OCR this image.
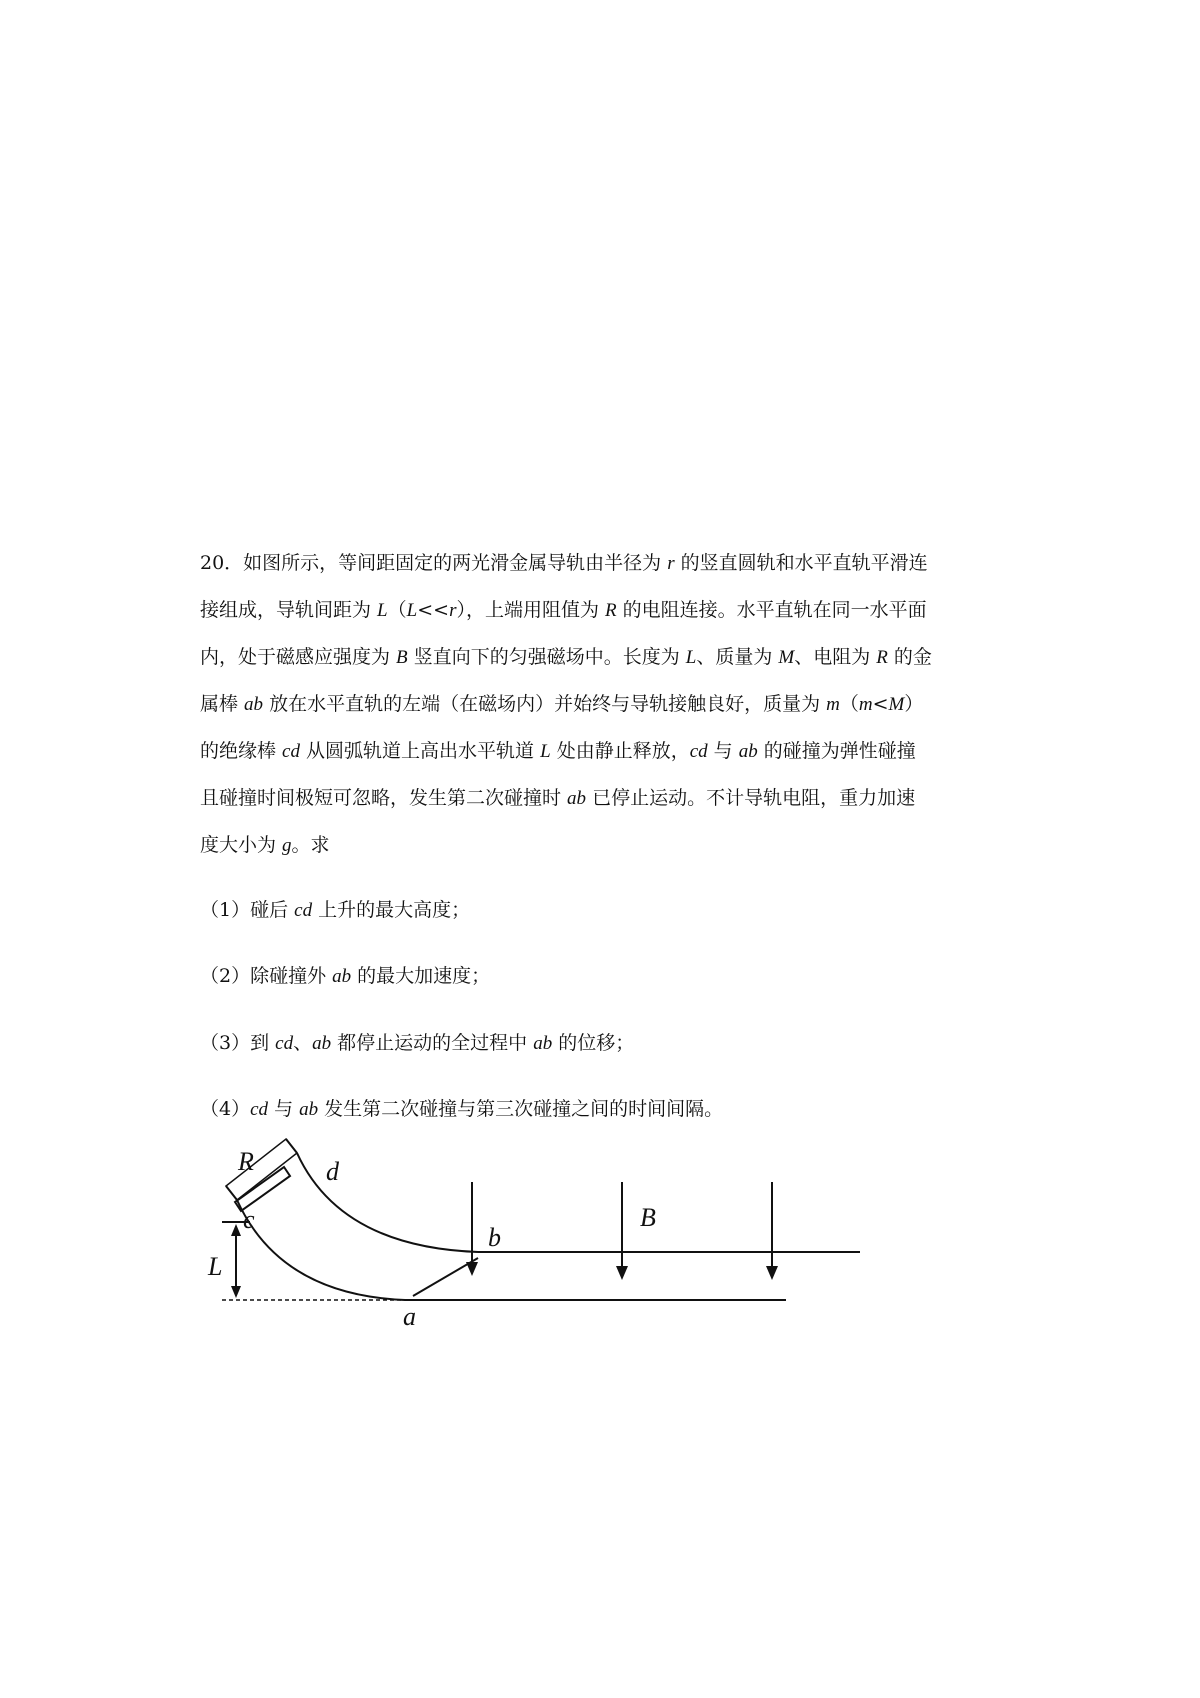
20．如图所示，等间距固定的两光滑金属导轨由半径为 r 的竖直圆轨和水平直轨平滑连

接组成，导轨间距为 L（L<<r），上端用阻值为 R 的电阻连接。水平直轨在同一水平面

内，处于磁感应强度为 B 竖直向下的匀强磁场中。长度为 L、质量为 M、电阻为 R 的金

属棒 ab 放在水平直轨的左端（在磁场内）并始终与导轨接触良好，质量为 m（m<M）

的绝缘棒 cd 从圆弧轨道上高出水平轨道 L 处由静止释放，cd 与 ab 的碰撞为弹性碰撞

且碰撞时间极短可忽略，发生第二次碰撞时 ab 已停止运动。不计导轨电阻，重力加速

度大小为 g。求

（1）碰后 cd 上升的最大高度；
（2）除碰撞外 ab 的最大加速度；
（3）到 cd、ab 都停止运动的全过程中 ab 的位移；
（4）cd 与 ab 发生第二次碰撞与第三次碰撞之间的时间间隔。
R	d
c
b
B
L
a
